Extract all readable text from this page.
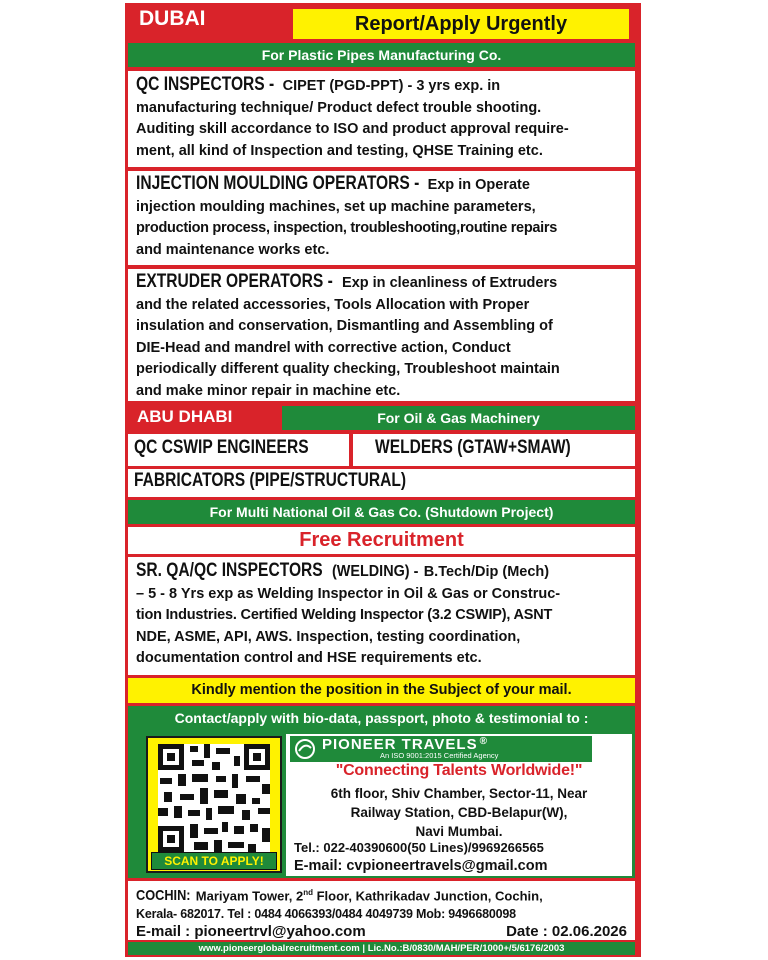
DUBAI	Report/Apply Urgently
For Plastic Pipes Manufacturing Co.
QC INSPECTORS - CIPET (PGD-PPT) - 3 yrs exp. in
manufacturing technique/ Product defect trouble shooting.
Auditing skill accordance to ISO and product approval require-
ment, all kind of Inspection and testing, QHSE Training etc.
INJECTION MOULDING OPERATORS - Exp in Operate
injection moulding machines, set up machine parameters,
production process, inspection, troubleshooting,routine repairs
and maintenance works etc.
EXTRUDER OPERATORS - Exp in cleanliness of Extruders
and the related accessories, Tools Allocation with Proper
insulation and conservation, Dismantling and Assembling of
DIE-Head and mandrel with corrective action, Conduct
periodically different quality checking, Troubleshoot maintain
and make minor repair in machine etc.
ABU DHABI	For Oil & Gas Machinery
QC CSWIP ENGINEERS	WELDERS (GTAW+SMAW)
FABRICATORS (PIPE/STRUCTURAL)
For Multi National Oil & Gas Co. (Shutdown Project)
Free Recruitment
SR. QA/QC INSPECTORS (WELDING) - B.Tech/Dip (Mech)
– 5 - 8 Yrs exp as Welding Inspector in Oil & Gas or Construc-
tion Industries. Certified Welding Inspector (3.2 CSWIP), ASNT
NDE, ASME, API, AWS. Inspection, testing coordination,
documentation control and HSE requirements etc.
Kindly mention the position in the Subject of your mail.
Contact/apply with bio-data, passport, photo & testimonial to :
SCAN TO APPLY!
PIONEER TRAVELS ®
An ISO 9001:2015 Certified Agency
"Connecting Talents Worldwide!"
6th floor, Shiv Chamber, Sector-11, Near
Railway Station, CBD-Belapur(W),
Navi Mumbai.
Tel.: 022-40390600(50 Lines)/9969266565
E-mail: cvpioneertravels@gmail.com
COCHIN: Mariyam Tower, 2nd Floor, Kathrikadav Junction, Cochin,
Kerala- 682017. Tel : 0484 4066393/0484 4049739 Mob: 9496680098
E-mail : pioneertrvl@yahoo.com	Date : 02.06.2026
www.pioneerglobalrecruitment.com | Lic.No.:B/0830/MAH/PER/1000+/5/6176/2003
